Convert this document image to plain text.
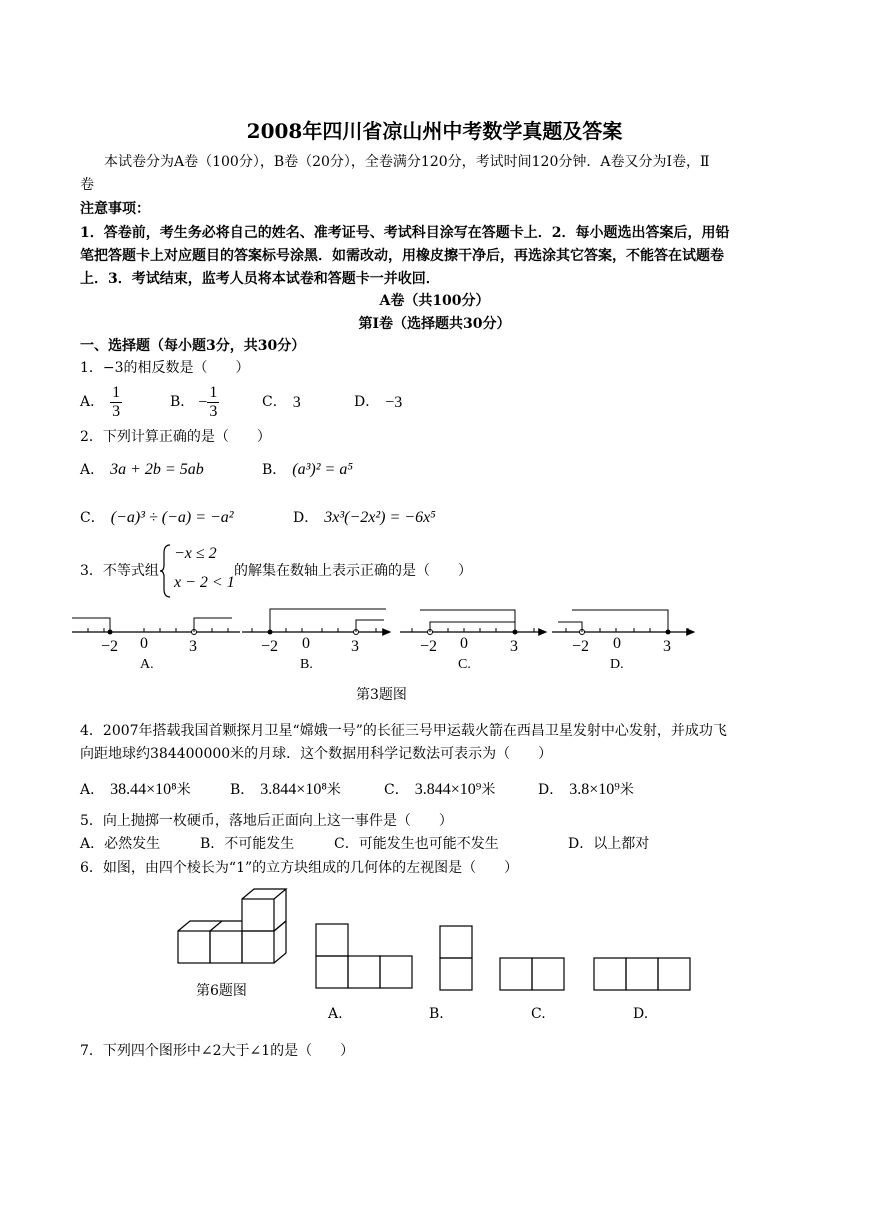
2008年四川省凉山州中考数学真题及答案
本试卷分为A卷（100分），B卷（20分），全卷满分120分，考试时间120分钟．A卷又分为Ⅰ卷，Ⅱ
卷
注意事项：
1．答卷前，考生务必将自己的姓名、准考证号、考试科目涂写在答题卡上．2．每小题选出答案后，用铅
笔把答题卡上对应题目的答案标号涂黑．如需改动，用橡皮擦干净后，再选涂其它答案，不能答在试题卷
上．3．考试结束，监考人员将本试卷和答题卡一并收回．
A卷（共100分）
第Ⅰ卷（选择题共30分）
一、选择题（每小题3分，共30分）
1．−3的相反数是（　　）
A． $\frac{1}{3}$	B． − $\frac{1}{3}$	C． 3	D． −3
2．下列计算正确的是（　　）
A． 3a + 2b = 5ab	B． (a³)² = a⁵
C． (−a)³ ÷ (−a) = −a²	D． 3x³(−2x²) = −6x⁵
3．不等式组
−x ≤ 2
x − 2 < 1
的解集在数轴上表示正确的是（　　）
−2 0	3
A.
−2 0	3
B.
−2 0	3
C.
−2 0	3
D.
第3题图
4．2007年搭载我国首颗探月卫星“嫦娥一号”的长征三号甲运载火箭在西昌卫星发射中心发射，并成功飞
向距地球约384400000米的月球．这个数据用科学记数法可表示为（　　）
A． 38.44×10⁸米	B． 3.844×10⁸米	C． 3.844×10⁹米	D． 3.8×10⁹米
5．向上抛掷一枚硬币，落地后正面向上这一事件是（　　）
A．必然发生	B．不可能发生	C．可能发生也可能不发生	D．以上都对
6．如图，由四个棱长为“1”的立方块组成的几何体的左视图是（　　）
第6题图
A.	B.	C.	D.
7．下列四个图形中∠2大于∠1的是（　　）
